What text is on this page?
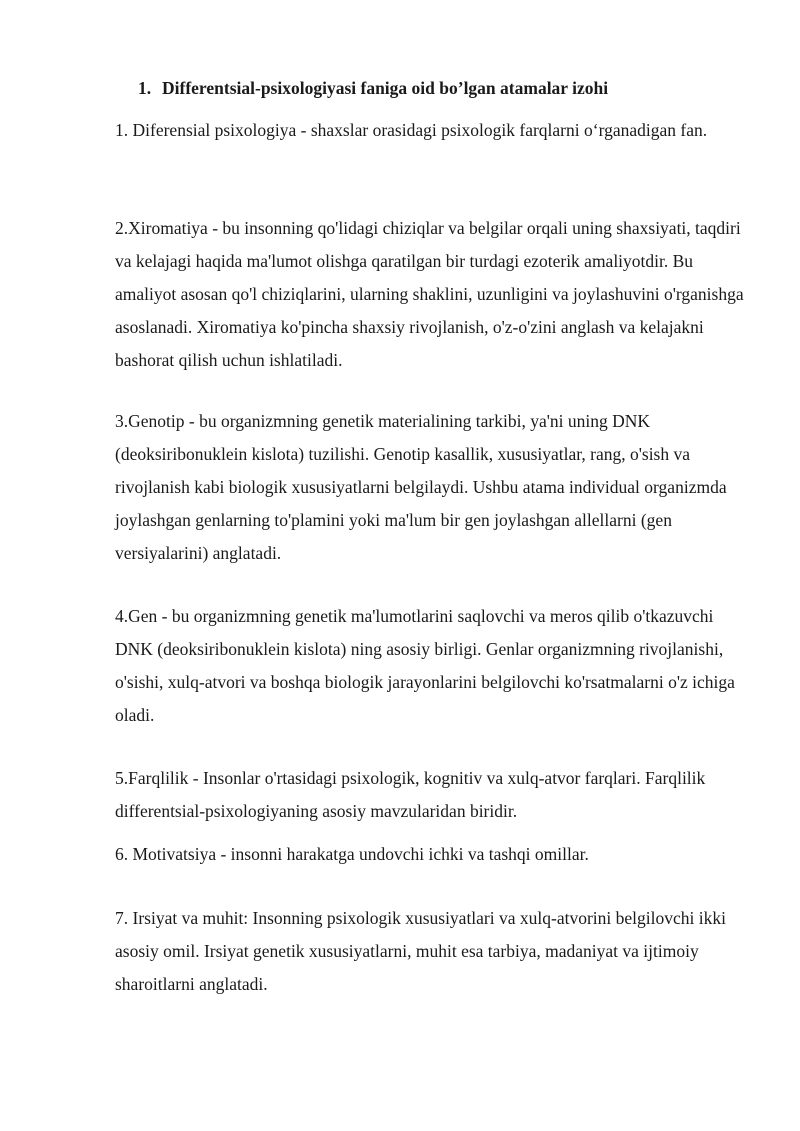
1. Differentsial-psixologiyasi faniga oid bo’lgan atamalar izohi

1. Diferensial psixologiya - shaxslar orasidagi psixologik farqlarni o‘rganadigan fan.

2.Xiromatiya - bu insonning qo'lidagi chiziqlar va belgilar orqali uning shaxsiyati, taqdiri va kelajagi haqida ma'lumot olishga qaratilgan bir turdagi ezoterik amaliyotdir. Bu amaliyot asosan qo'l chiziqlarini, ularning shaklini, uzunligini va joylashuvini o'rganishga asoslanadi. Xiromatiya ko'pincha shaxsiy rivojlanish, o'z-o'zini anglash va kelajakni bashorat qilish uchun ishlatiladi.

3.Genotip - bu organizmning genetik materialining tarkibi, ya'ni uning DNK (deoksiribonuklein kislota) tuzilishi. Genotip kasallik, xususiyatlar, rang, o'sish va rivojlanish kabi biologik xususiyatlarni belgilaydi. Ushbu atama individual organizmda joylashgan genlarning to'plamini yoki ma'lum bir gen joylashgan allellarni (gen versiyalarini) anglatadi.

4.Gen - bu organizmning genetik ma'lumotlarini saqlovchi va meros qilib o'tkazuvchi DNK (deoksiribonuklein kislota) ning asosiy birligi. Genlar organizmning rivojlanishi, o'sishi, xulq-atvori va boshqa biologik jarayonlarini belgilovchi ko'rsatmalarni o'z ichiga oladi.

5.Farqlilik - Insonlar o'rtasidagi psixologik, kognitiv va xulq-atvor farqlari. Farqlilik differentsial-psixologiyaning asosiy mavzularidan biridir.

6. Motivatsiya - insonni harakatga undovchi ichki va tashqi omillar.

7. Irsiyat va muhit: Insonning psixologik xususiyatlari va xulq-atvorini belgilovchi ikki asosiy omil. Irsiyat genetik xususiyatlarni, muhit esa tarbiya, madaniyat va ijtimoiy sharoitlarni anglatadi.
